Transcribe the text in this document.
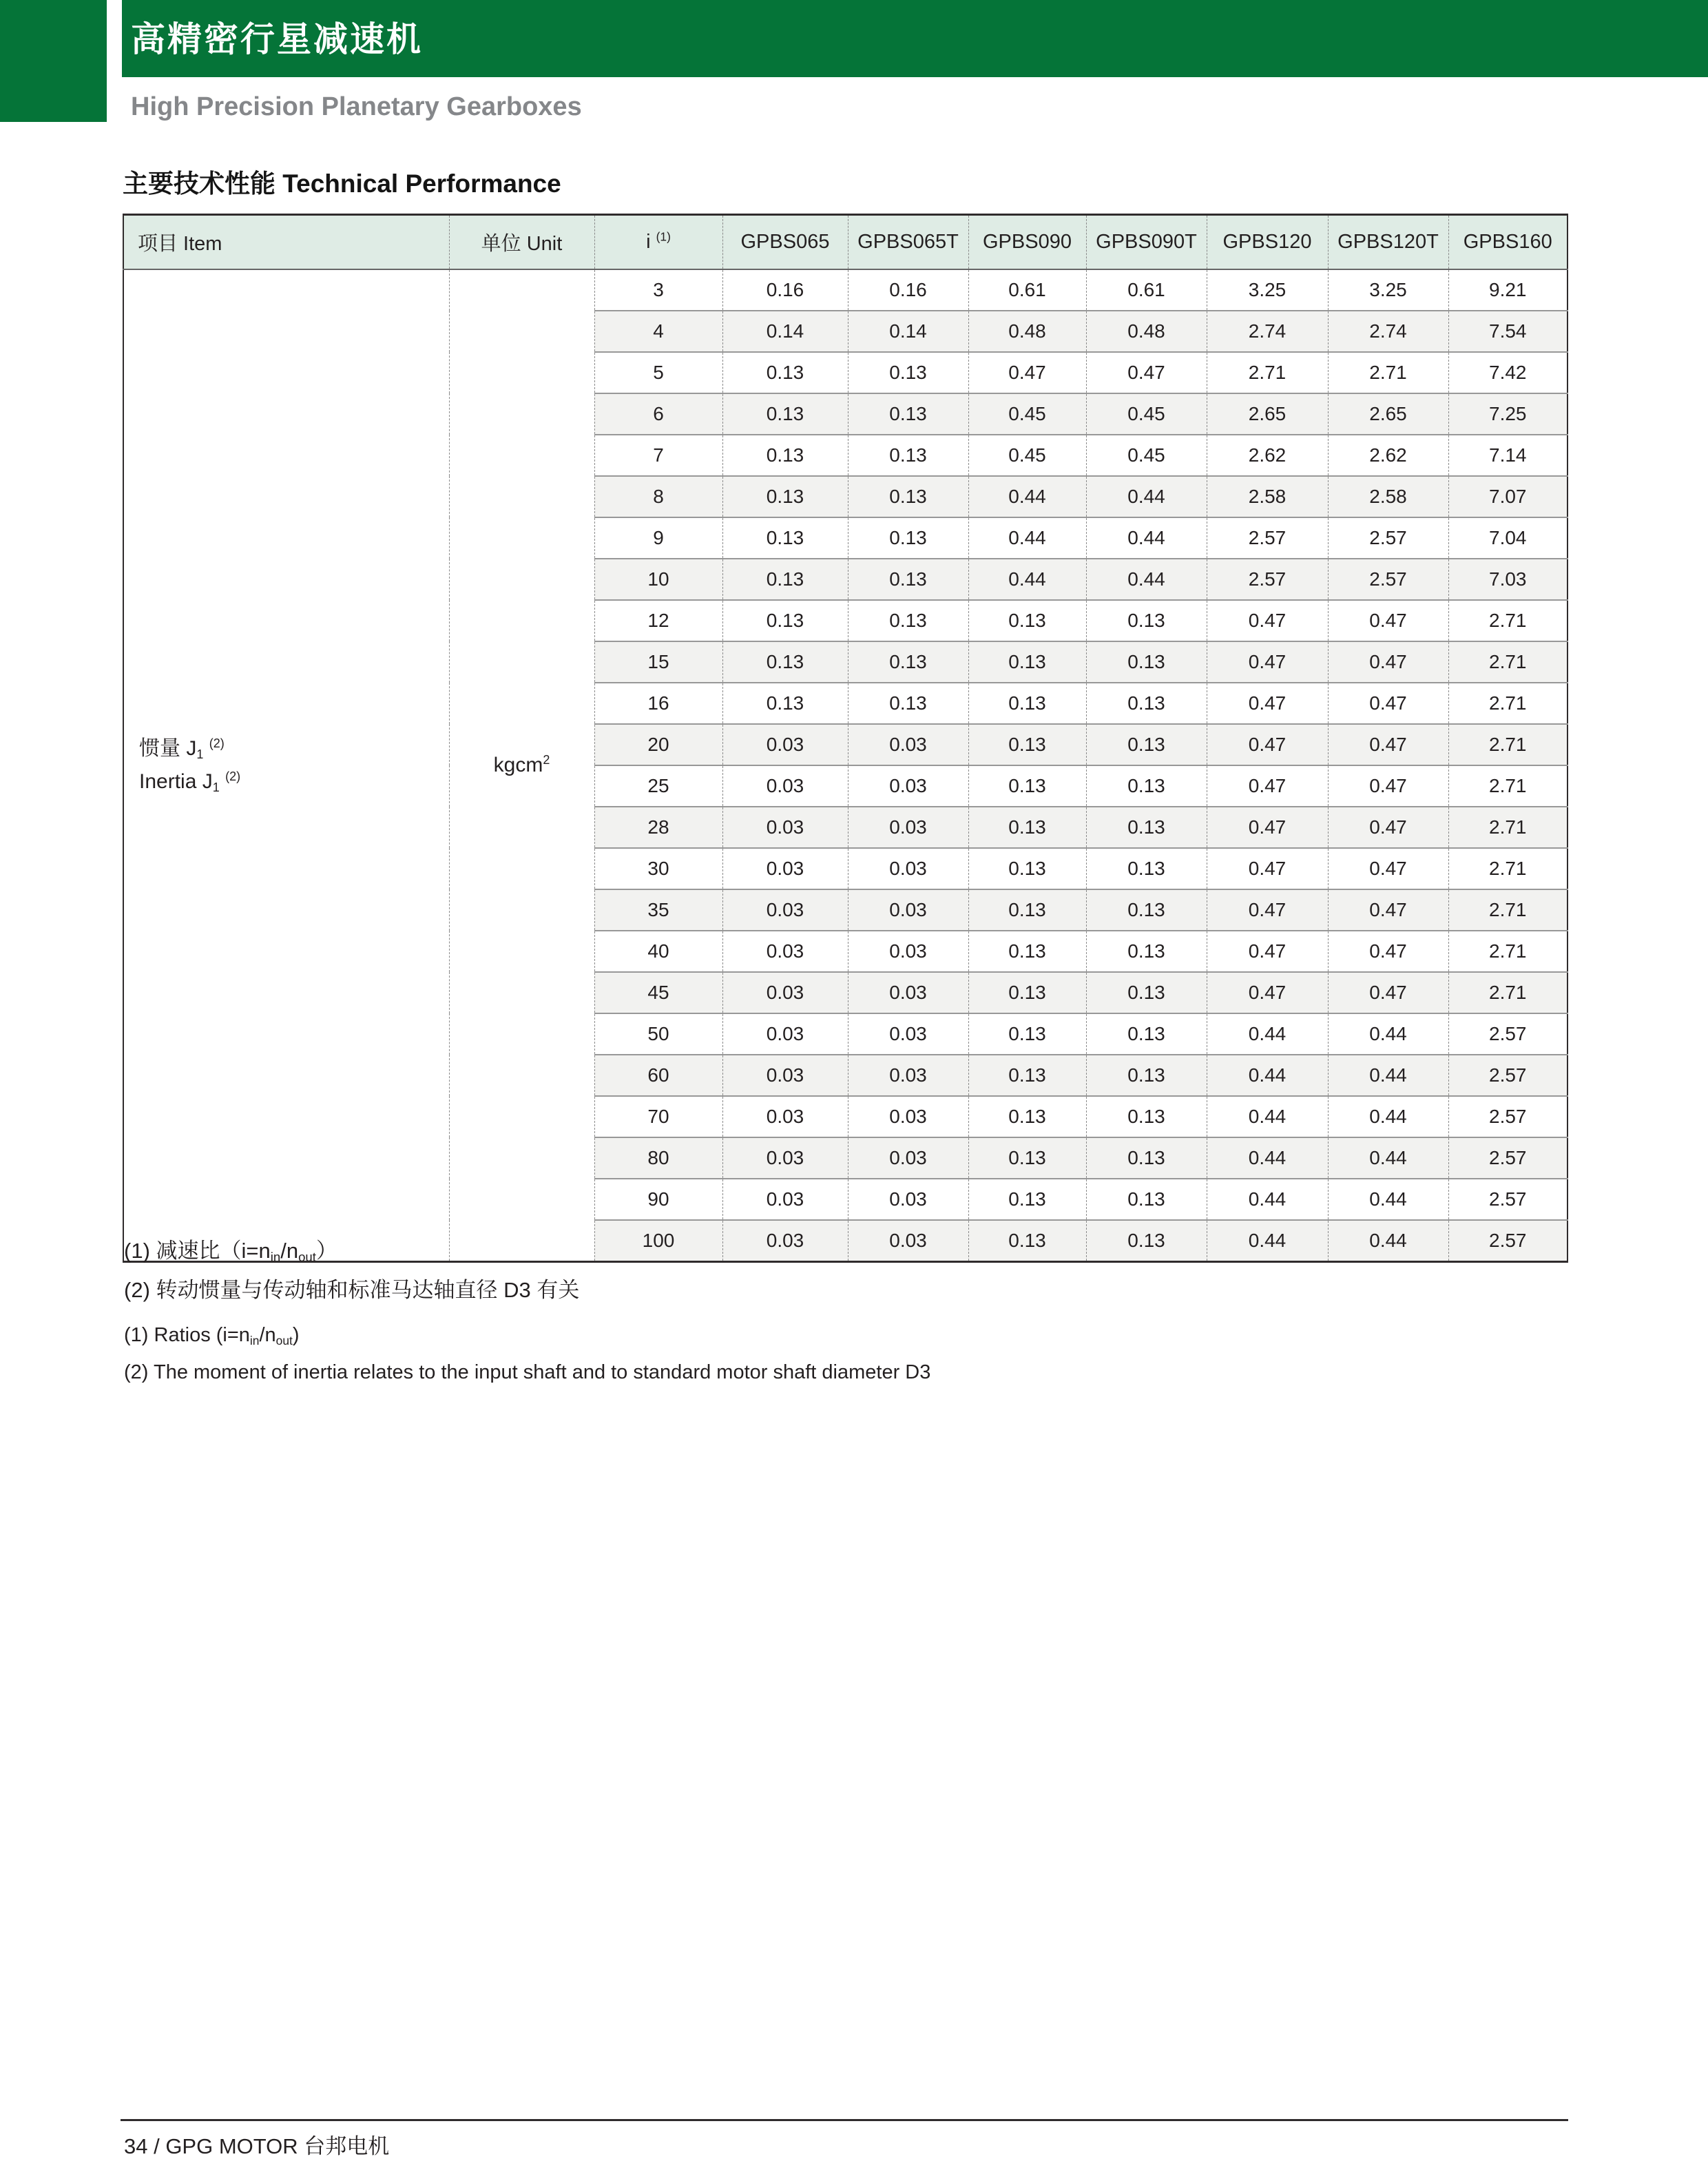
高精密行星减速机
High Precision Planetary Gearboxes
主要技术性能 Technical Performance
项目 Item	单位 Unit	i $^{(1)}$	GPBS065	GPBS065T	GPBS090	GPBS090T	GPBS120	GPBS120T	GPBS160

惯量 $J_1$ $^{(2)}$
Inertia $J_1$ $^{(2)}$	kgcm$^2$	3	0.16	0.16	0.61	0.61	3.25	3.25	9.21
		4	0.14	0.14	0.48	0.48	2.74	2.74	7.54
		5	0.13	0.13	0.47	0.47	2.71	2.71	7.42
		6	0.13	0.13	0.45	0.45	2.65	2.65	7.25
		7	0.13	0.13	0.45	0.45	2.62	2.62	7.14
		8	0.13	0.13	0.44	0.44	2.58	2.58	7.07
		9	0.13	0.13	0.44	0.44	2.57	2.57	7.04
		10	0.13	0.13	0.44	0.44	2.57	2.57	7.03
		12	0.13	0.13	0.13	0.13	0.47	0.47	2.71
		15	0.13	0.13	0.13	0.13	0.47	0.47	2.71
		16	0.13	0.13	0.13	0.13	0.47	0.47	2.71
		20	0.03	0.03	0.13	0.13	0.47	0.47	2.71
		25	0.03	0.03	0.13	0.13	0.47	0.47	2.71
		28	0.03	0.03	0.13	0.13	0.47	0.47	2.71
		30	0.03	0.03	0.13	0.13	0.47	0.47	2.71
		35	0.03	0.03	0.13	0.13	0.47	0.47	2.71
		40	0.03	0.03	0.13	0.13	0.47	0.47	2.71
		45	0.03	0.03	0.13	0.13	0.47	0.47	2.71
		50	0.03	0.03	0.13	0.13	0.44	0.44	2.57
		60	0.03	0.03	0.13	0.13	0.44	0.44	2.57
		70	0.03	0.03	0.13	0.13	0.44	0.44	2.57
		80	0.03	0.03	0.13	0.13	0.44	0.44	2.57
		90	0.03	0.03	0.13	0.13	0.44	0.44	2.57
		100	0.03	0.03	0.13	0.13	0.44	0.44	2.57
(1) 减速比$(i=n_{in}/n_{out})$
(2) 转动惯量与传动轴和标准马达轴直径 D3 有关
(1) Ratios $(i=n_{in}/n_{out})$
(2) The moment of inertia relates to the input shaft and to standard motor shaft diameter D3
34 / GPG MOTOR 台邦电机
